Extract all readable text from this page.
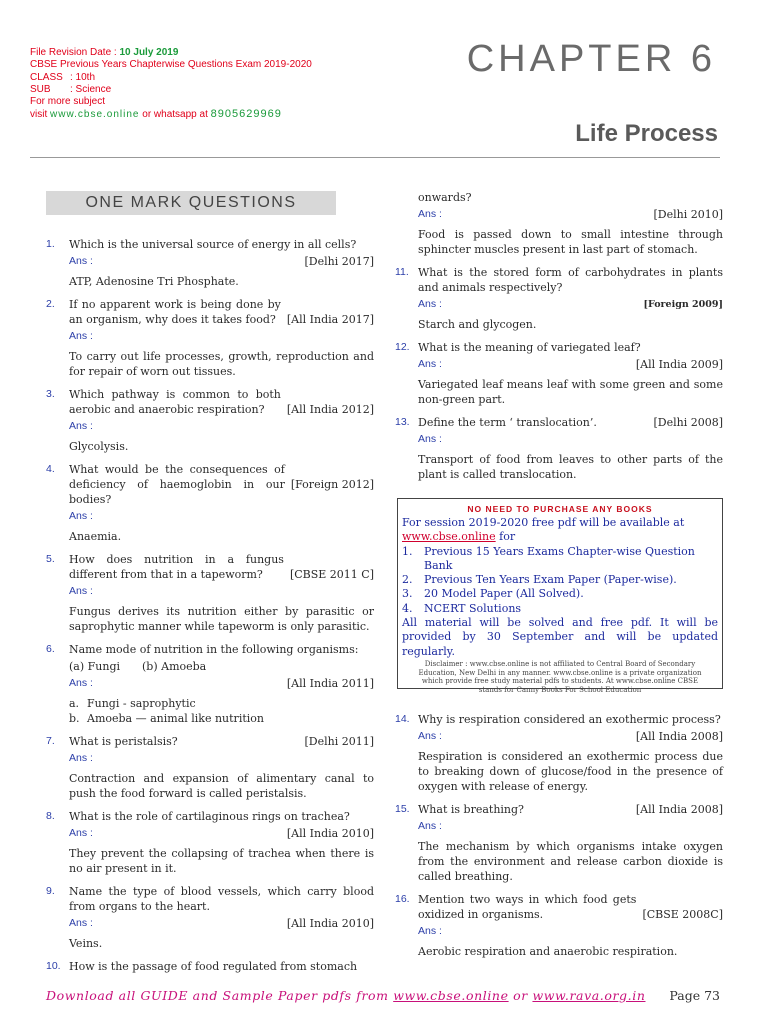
File Revision Date : 10 July 2019
CBSE Previous Years Chapterwise Questions Exam 2019-2020
CLASS : 10th
SUB : Science
For more subject
visit www.cbse.online or whatsapp at 8905629969
CHAPTER 6
Life Process
ONE MARK QUESTIONS
1. Which is the universal source of energy in all cells?
Ans :	[Delhi 2017]
ATP, Adenosine Tri Phosphate.
2.
[All India 2017]
If no apparent work is being done by an organism, why does it takes food?
Ans :
To carry out life processes, growth, reproduction and for repair of worn out tissues.
3.
[All India 2012]
Which pathway is common to both aerobic and anaerobic respiration?
Ans :
Glycolysis.
4.
[Foreign 2012]
What would be the consequences of deficiency of haemoglobin in our bodies?
Ans :
Anaemia.
5.
[CBSE 2011 C]
How does nutrition in a fungus different from that in a tapeworm?
Ans :
Fungus derives its nutrition either by parasitic or saprophytic manner while tapeworm is only parasitic.
6. Name mode of nutrition in the following organisms:
(a) Fungi (b) Amoeba
Ans :	[All India 2011]
a. Fungi - saprophytic
b. Amoeba — animal like nutrition
7.	[Delhi 2011]
What is peristalsis?
Ans :
Contraction and expansion of alimentary canal to push the food forward is called peristalsis.
8. What is the role of cartilaginous rings on trachea?
Ans :	[All India 2010]
They prevent the collapsing of trachea when there is no air present in it.
9. Name the type of blood vessels, which carry blood from organs to the heart.
Ans :	[All India 2010]
Veins.
10. How is the passage of food regulated from stomach
onwards?
Ans :	[Delhi 2010]
Food is passed down to small intestine through sphincter muscles present in last part of stomach.
11. What is the stored form of carbohydrates in plants and animals respectively?
Ans :	[Foreign 2009]
Starch and glycogen.
12. What is the meaning of variegated leaf?
Ans :	[All India 2009]
Variegated leaf means leaf with some green and some non-green part.
13.	[Delhi 2008]
Define the term ‘ translocation’.
Ans :
Transport of food from leaves to other parts of the plant is called translocation.
NO NEED TO PURCHASE ANY BOOKS
For session 2019-2020 free pdf will be available at
www.cbse.online for
1. Previous 15 Years Exams Chapter-wise Question Bank
2. Previous Ten Years Exam Paper (Paper-wise).
3. 20 Model Paper (All Solved).
4. NCERT Solutions
All material will be solved and free pdf. It will be provided by 30 September and will be updated regularly.
Disclaimer : www.cbse.online is not affiliated to Central Board of Secondary Education, New Delhi in any manner. www.cbse.online is a private organization which provide free study material pdfs to students. At www.cbse.online CBSE stands for Canny Books For School Education
14. Why is respiration considered an exothermic process?
Ans :	[All India 2008]
Respiration is considered an exothermic process due to breaking down of glucose/food in the presence of oxygen with release of energy.
15.	[All India 2008]
What is breathing?
Ans :
The mechanism by which organisms intake oxygen from the environment and release carbon dioxide is called breathing.
16.
[CBSE 2008C]
Mention two ways in which food gets oxidized in organisms.
Ans :
Aerobic respiration and anaerobic respiration.
Download all GUIDE and Sample Paper pdfs from www.cbse.online or www.rava.org.in Page 73
